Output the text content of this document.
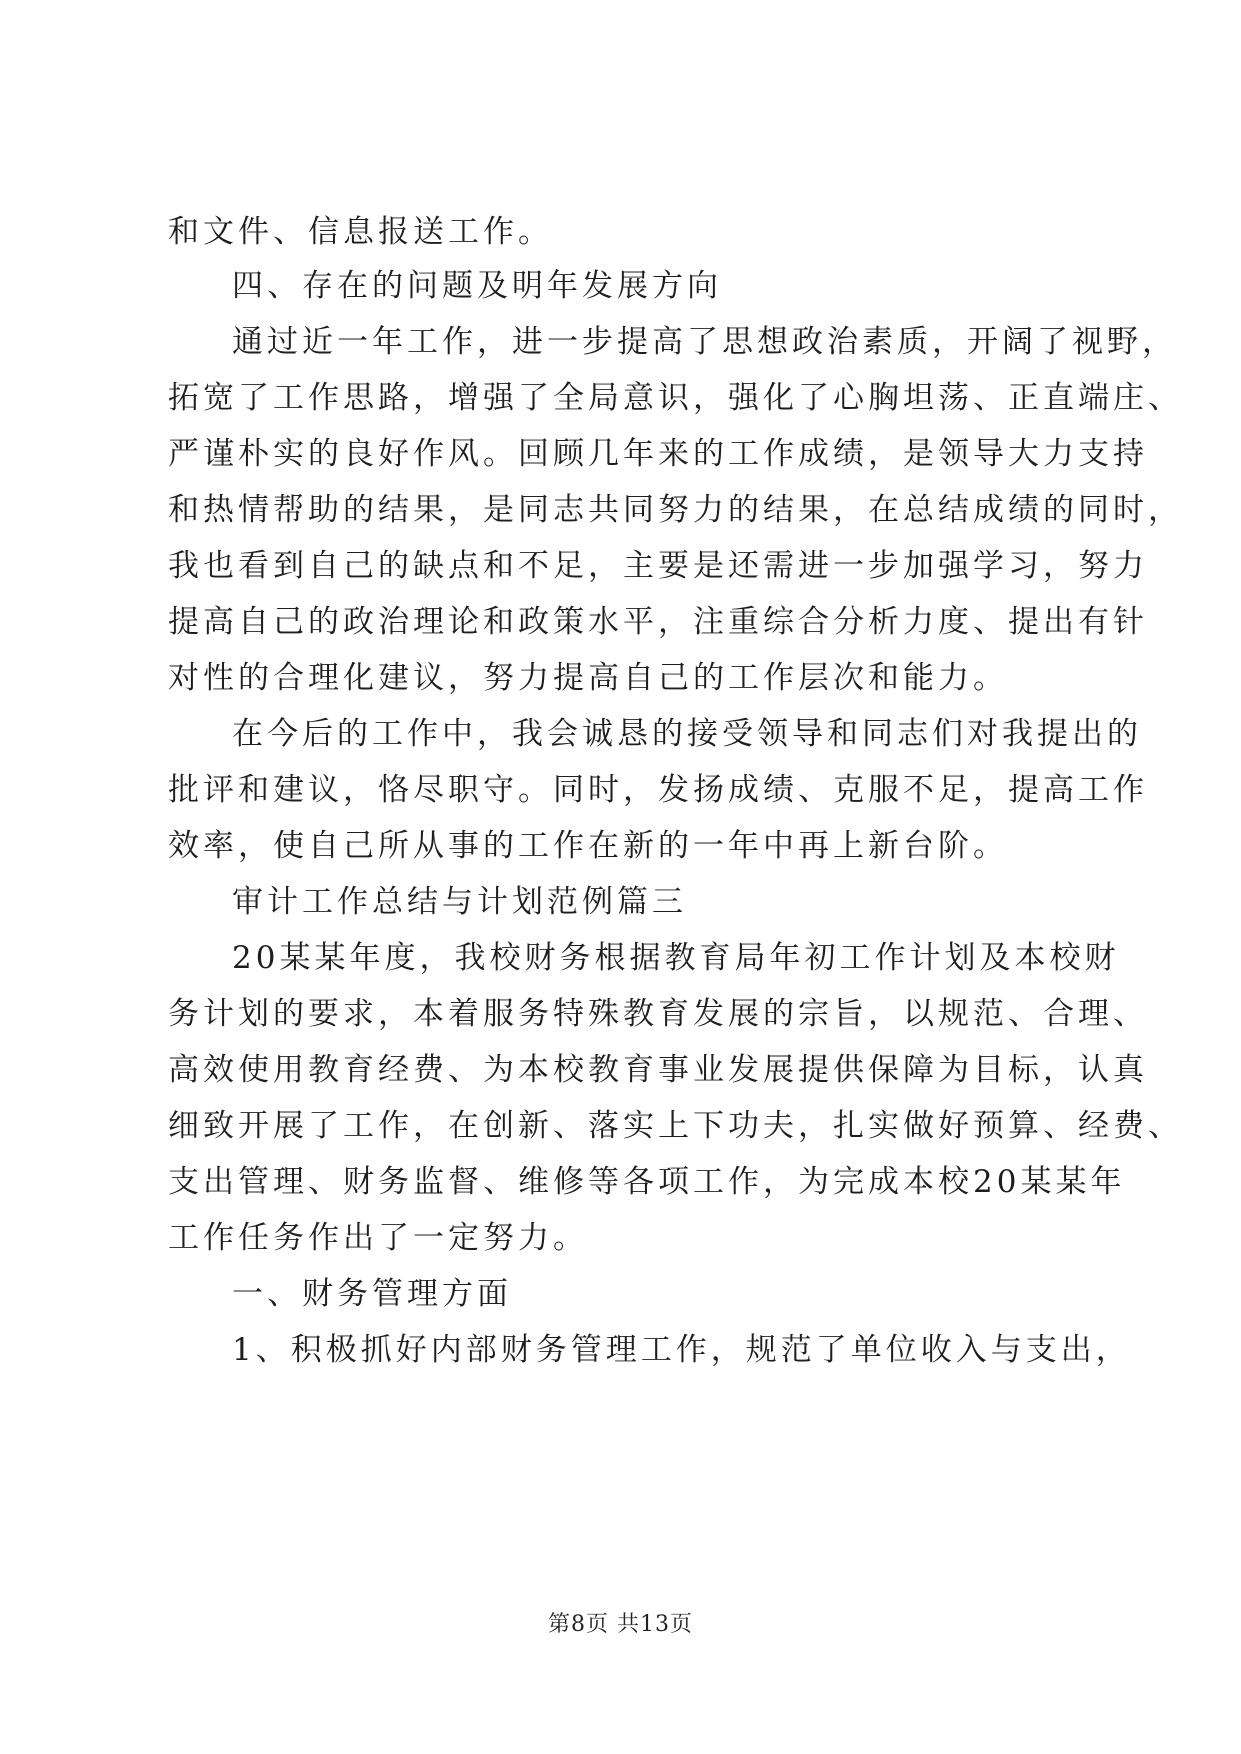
和文件、信息报送工作。
四、存在的问题及明年发展方向
通过近一年工作，进一步提高了思想政治素质，开阔了视野，
拓宽了工作思路，增强了全局意识，强化了心胸坦荡、正直端庄、
严谨朴实的良好作风。回顾几年来的工作成绩，是领导大力支持
和热情帮助的结果，是同志共同努力的结果，在总结成绩的同时，
我也看到自己的缺点和不足，主要是还需进一步加强学习，努力
提高自己的政治理论和政策水平，注重综合分析力度、提出有针
对性的合理化建议，努力提高自己的工作层次和能力。
在今后的工作中，我会诚恳的接受领导和同志们对我提出的
批评和建议，恪尽职守。同时，发扬成绩、克服不足，提高工作
效率，使自己所从事的工作在新的一年中再上新台阶。
审计工作总结与计划范例篇三
20某某年度，我校财务根据教育局年初工作计划及本校财
务计划的要求，本着服务特殊教育发展的宗旨，以规范、合理、
高效使用教育经费、为本校教育事业发展提供保障为目标，认真
细致开展了工作，在创新、落实上下功夫，扎实做好预算、经费、
支出管理、财务监督、维修等各项工作，为完成本校20某某年
工作任务作出了一定努力。
一、财务管理方面
1、积极抓好内部财务管理工作，规范了单位收入与支出，
第8页 共13页
